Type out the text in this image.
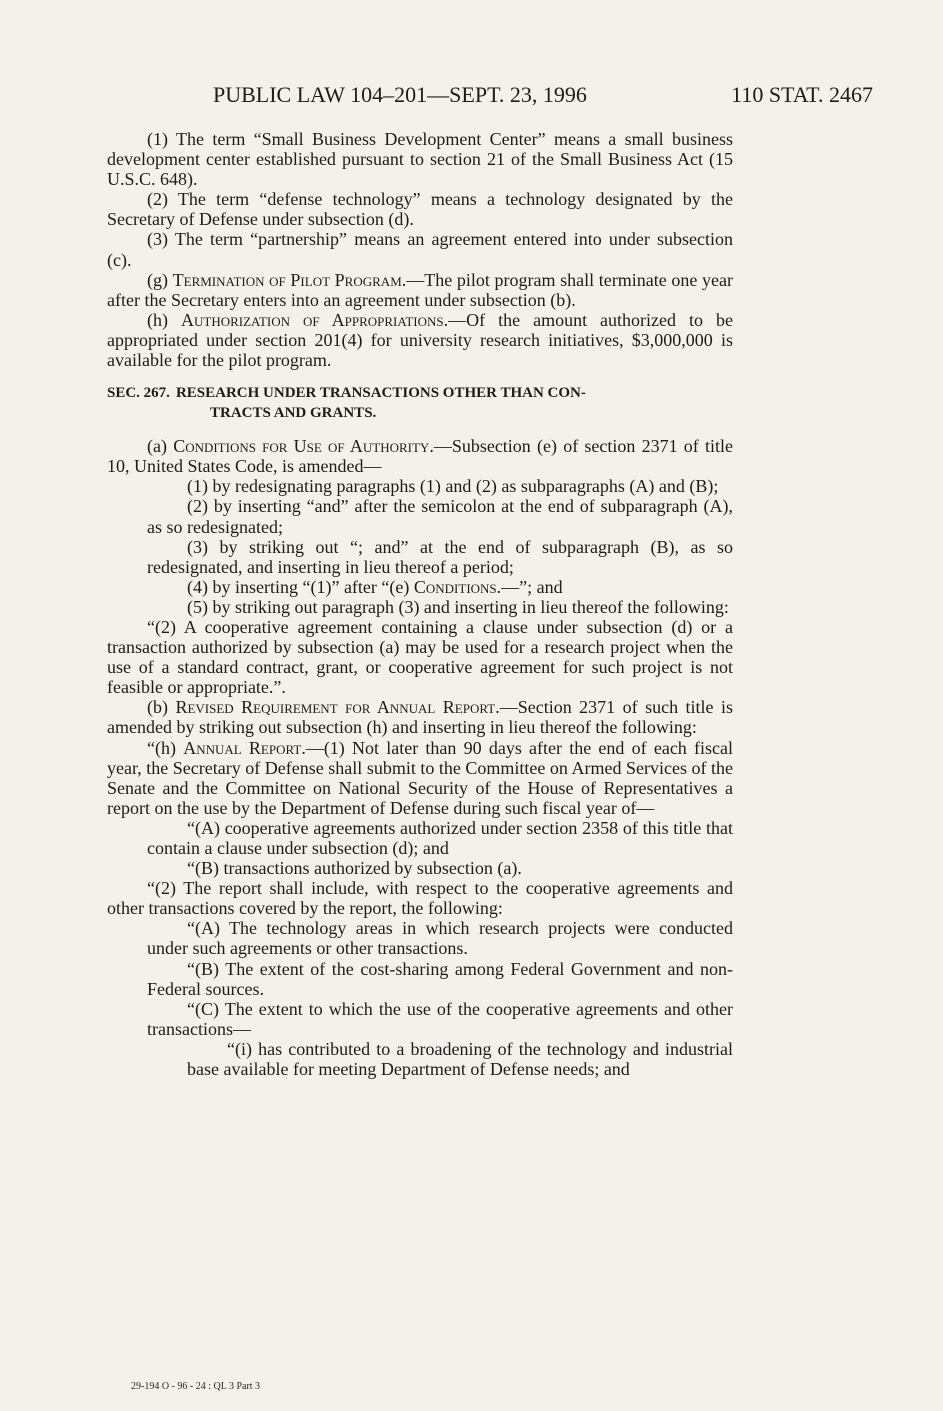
PUBLIC LAW 104–201—SEPT. 23, 1996	110 STAT. 2467

(1) The term “Small Business Development Center” means a small business development center established pursuant to section 21 of the Small Business Act (15 U.S.C. 648).

(2) The term “defense technology” means a technology designated by the Secretary of Defense under subsection (d).

(3) The term “partnership” means an agreement entered into under subsection (c).

(g) Termination of Pilot Program.—The pilot program shall terminate one year after the Secretary enters into an agreement under subsection (b).

(h) Authorization of Appropriations.—Of the amount authorized to be appropriated under section 201(4) for university research initiatives, $3,000,000 is available for the pilot program.

SEC. 267. RESEARCH UNDER TRANSACTIONS OTHER THAN CON-
TRACTS AND GRANTS.

(a) Conditions for Use of Authority.—Subsection (e) of section 2371 of title 10, United States Code, is amended—

(1) by redesignating paragraphs (1) and (2) as subparagraphs (A) and (B);

(2) by inserting “and” after the semicolon at the end of subparagraph (A), as so redesignated;

(3) by striking out “; and” at the end of subparagraph (B), as so redesignated, and inserting in lieu thereof a period;

(4) by inserting “(1)” after “(e) Conditions.—”; and

(5) by striking out paragraph (3) and inserting in lieu thereof the following:

“(2) A cooperative agreement containing a clause under subsection (d) or a transaction authorized by subsection (a) may be used for a research project when the use of a standard contract, grant, or cooperative agreement for such project is not feasible or appropriate.”.

(b) Revised Requirement for Annual Report.—Section 2371 of such title is amended by striking out subsection (h) and inserting in lieu thereof the following:

“(h) Annual Report.—(1) Not later than 90 days after the end of each fiscal year, the Secretary of Defense shall submit to the Committee on Armed Services of the Senate and the Committee on National Security of the House of Representatives a report on the use by the Department of Defense during such fiscal year of—

“(A) cooperative agreements authorized under section 2358 of this title that contain a clause under subsection (d); and

“(B) transactions authorized by subsection (a).

“(2) The report shall include, with respect to the cooperative agreements and other transactions covered by the report, the following:

“(A) The technology areas in which research projects were conducted under such agreements or other transactions.

“(B) The extent of the cost-sharing among Federal Government and non-Federal sources.

“(C) The extent to which the use of the cooperative agreements and other transactions—

“(i) has contributed to a broadening of the technology and industrial base available for meeting Department of Defense needs; and

29-194 O - 96 - 24 : QL 3 Part 3
